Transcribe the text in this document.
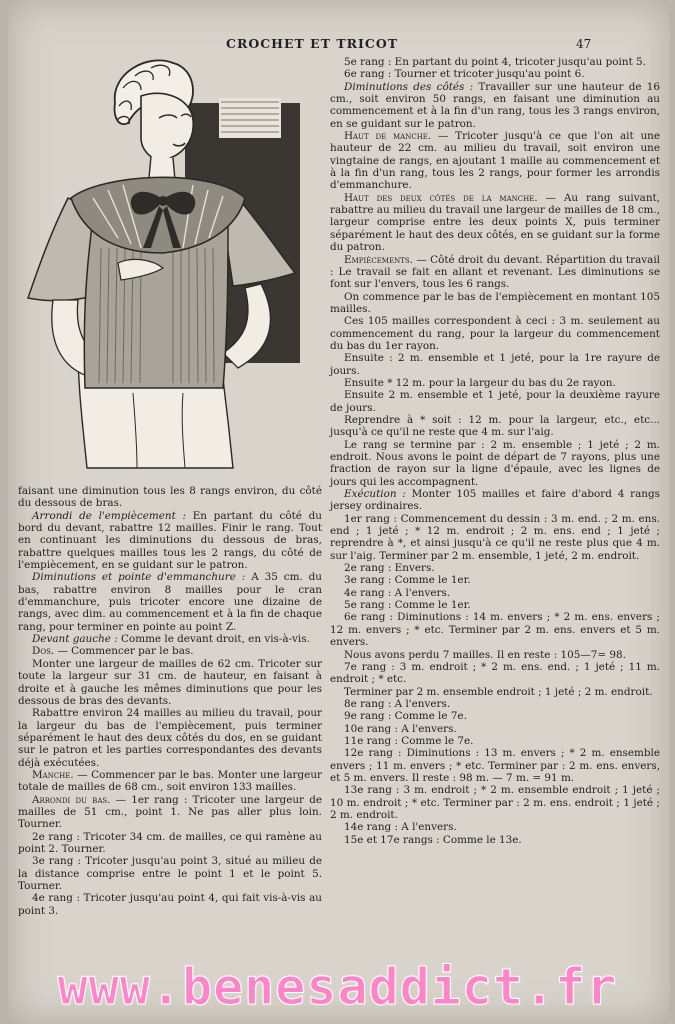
CROCHET ET TRICOT	47

faisant une diminution tous les 8 rangs environ, du côté du dessous de bras.

Arrondi de l'empiècement : En partant du côté du bord du devant, rabattre 12 mailles. Finir le rang. Tout en continuant les diminutions du dessous de bras, rabattre quelques mailles tous les 2 rangs, du côté de l'empiècement, en se guidant sur le patron.

Diminutions et pointe d'emmanchure : A 35 cm. du bas, rabattre environ 8 mailles pour le cran d'emmanchure, puis tricoter encore une dizaine de rangs, avec dim. au commencement et à la fin de chaque rang, pour terminer en pointe au point Z.

Devant gauche : Comme le devant droit, en vis-à-vis.

Dos. — Commencer par le bas.

Monter une largeur de mailles de 62 cm. Tricoter sur toute la largeur sur 31 cm. de hauteur, en faisant à droite et à gauche les mêmes diminutions que pour les dessous de bras des devants.

Rabattre environ 24 mailles au milieu du travail, pour la largeur du bas de l'empiècement, puis terminer séparément le haut des deux côtés du dos, en se guidant sur le patron et les parties correspondantes des devants déjà exécutées.

Manche. — Commencer par le bas. Monter une largeur totale de mailles de 68 cm., soit environ 133 mailles.

Arrondi du bas. — 1er rang : Tricoter une largeur de mailles de 51 cm., point 1. Ne pas aller plus loin. Tourner.

2e rang : Tricoter 34 cm. de mailles, ce qui ramène au point 2. Tourner.

3e rang : Tricoter jusqu'au point 3, situé au milieu de la distance comprise entre le point 1 et le point 5. Tourner.

4e rang : Tricoter jusqu'au point 4, qui fait vis-à-vis au point 3.

5e rang : En partant du point 4, tricoter jusqu'au point 5.

6e rang : Tourner et tricoter jusqu'au point 6.

Diminutions des côtés : Travailler sur une hauteur de 16 cm., soit environ 50 rangs, en faisant une diminution au commencement et à la fin d'un rang, tous les 3 rangs environ, en se guidant sur le patron.

Haut de manche. — Tricoter jusqu'à ce que l'on ait une hauteur de 22 cm. au milieu du travail, soit environ une vingtaine de rangs, en ajoutant 1 maille au commencement et à la fin d'un rang, tous les 2 rangs, pour former les arrondis d'emmanchure.

Haut des deux côtés de la manche. — Au rang suivant, rabattre au milieu du travail une largeur de mailles de 18 cm., largeur comprise entre les deux points X, puis terminer séparément le haut des deux côtés, en se guidant sur la forme du patron.

Empiècements. — Côté droit du devant. Répartition du travail : Le travail se fait en allant et revenant. Les diminutions se font sur l'envers, tous les 6 rangs.

On commence par le bas de l'empiècement en montant 105 mailles.

Ces 105 mailles correspondent à ceci : 3 m. seulement au commencement du rang, pour la largeur du commencement du bas du 1er rayon.

Ensuite : 2 m. ensemble et 1 jeté, pour la 1re rayure de jours.

Ensuite * 12 m. pour la largeur du bas du 2e rayon.

Ensuite 2 m. ensemble et 1 jeté, pour la deuxième rayure de jours.

Reprendre à * soit : 12 m. pour la largeur, etc., etc... jusqu'à ce qu'il ne reste que 4 m. sur l'aig.

Le rang se termine par : 2 m. ensemble ; 1 jeté ; 2 m. endroit. Nous avons le point de départ de 7 rayons, plus une fraction de rayon sur la ligne d'épaule, avec les lignes de jours qui les accompagnent.

Exécution : Monter 105 mailles et faire d'abord 4 rangs jersey ordinaires.

1er rang : Commencement du dessin : 3 m. end. ; 2 m. ens. end ; 1 jeté ; * 12 m. endroit ; 2 m. ens. end ; 1 jeté ; reprendre à *, et ainsi jusqu'à ce qu'il ne reste plus que 4 m. sur l'aig. Terminer par 2 m. ensemble, 1 jeté, 2 m. endroit.

2e rang : Envers.

3e rang : Comme le 1er.

4e rang : A l'envers.

5e rang : Comme le 1er.

6e rang : Diminutions : 14 m. envers ; * 2 m. ens. envers ; 12 m. envers ; * etc. Terminer par 2 m. ens. envers et 5 m. envers.

Nous avons perdu 7 mailles. Il en reste : 105—7= 98.

7e rang : 3 m. endroit ; * 2 m. ens. end. ; 1 jeté ; 11 m. endroit ; * etc.

Terminer par 2 m. ensemble endroit ; 1 jeté ; 2 m. endroit.

8e rang : A l'envers.

9e rang : Comme le 7e.

10e rang : A l'envers.

11e rang : Comme le 7e.

12e rang : Diminutions : 13 m. envers ; * 2 m. ensemble envers ; 11 m. envers ; * etc. Terminer par : 2 m. ens. envers, et 5 m. envers. Il reste : 98 m. — 7 m. = 91 m.

13e rang : 3 m. endroit ; * 2 m. ensemble endroit ; 1 jeté ; 10 m. endroit ; * etc. Terminer par : 2 m. ens. endroit ; 1 jeté ; 2 m. endroit.

14e rang : A l'envers.

15e et 17e rangs : Comme le 13e.

www.benesaddict.fr
